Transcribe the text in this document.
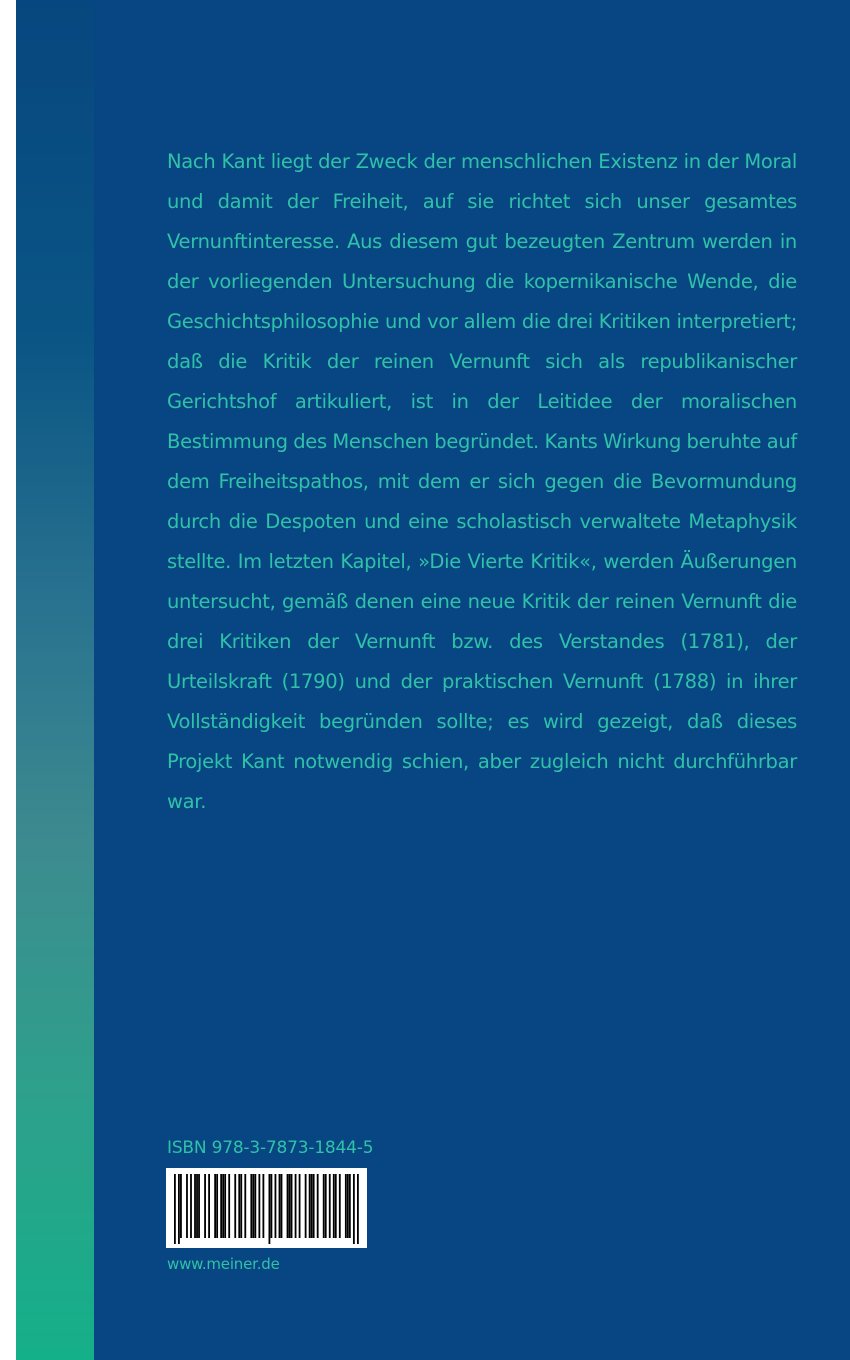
Nach Kant liegt der Zweck der menschlichen Existenz in der Moral und damit der Freiheit, auf sie richtet sich unser gesamtes Vernunftinteresse. Aus diesem gut bezeugten Zentrum werden in der vorliegenden Untersuchung die kopernikanische Wende, die Geschichtsphilosophie und vor allem die drei Kritiken interpretiert; daß die Kritik der reinen Vernunft sich als republikanischer Gerichtshof artikuliert, ist in der Leitidee der moralischen Bestimmung des Menschen begründet. Kants Wirkung beruhte auf dem Freiheitspathos, mit dem er sich gegen die Bevormundung durch die Despoten und eine scholastisch verwaltete Metaphysik stellte. Im letzten Kapitel, »Die Vierte Kritik«, werden Äußerungen untersucht, gemäß denen eine neue Kritik der reinen Vernunft die drei Kritiken der Vernunft bzw. des Verstandes (1781), der Urteilskraft (1790) und der praktischen Vernunft (1788) in ihrer Vollständigkeit begründen sollte; es wird gezeigt, daß dieses Projekt Kant notwendig schien, aber zugleich nicht durchführbar war.

ISBN 978-3-7873-1844-5
www.meiner.de
